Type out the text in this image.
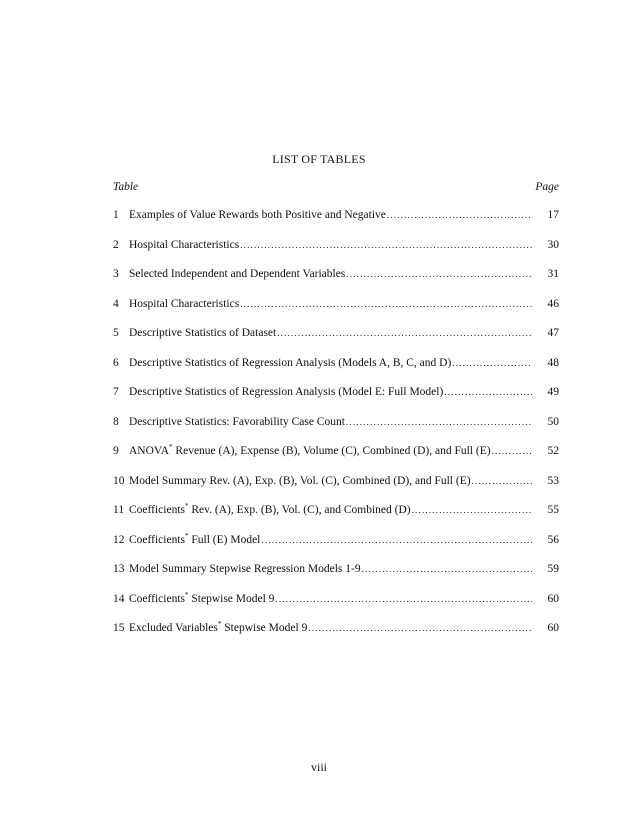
LIST OF TABLES
Table	Page
1 Examples of Value Rewards both Positive and Negative .....	17
2 Hospital Characteristics .....	30
3 Selected Independent and Dependent Variables .....	31
4 Hospital Characteristics .....	46
5 Descriptive Statistics of Dataset .....	47
6 Descriptive Statistics of Regression Analysis (Models A, B, C, and D) .....	48
7 Descriptive Statistics of Regression Analysis (Model E: Full Model) .....	49
8 Descriptive Statistics: Favorability Case Count .....	50
9 ANOVA* Revenue (A), Expense (B), Volume (C), Combined (D), and Full (E) .....	52
10 Model Summary Rev. (A), Exp. (B), Vol. (C), Combined (D), and Full (E) .....	53
11 Coefficients* Rev. (A), Exp. (B), Vol. (C), and Combined (D) .....	55
12 Coefficients* Full (E) Model .....	56
13 Model Summary Stepwise Regression Models 1-9 .....	59
14 Coefficients* Stepwise Model 9 .....	60
15 Excluded Variables* Stepwise Model 9 .....	60
viii
